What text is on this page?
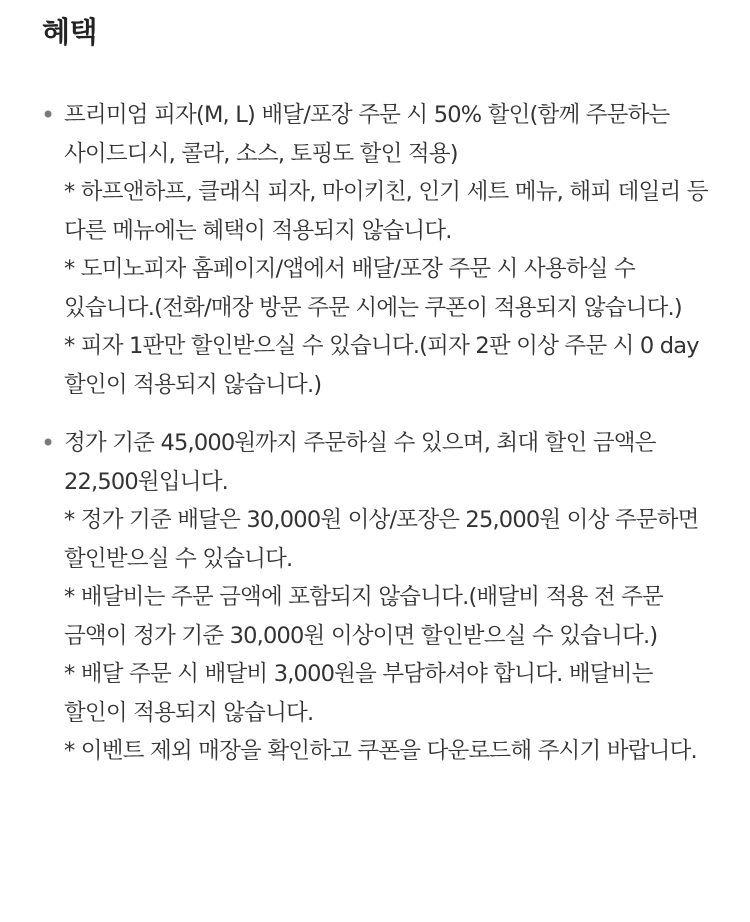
혜택
• 프리미엄 피자(M, L) 배달/포장 주문 시 50% 할인(함께 주문하는 사이드디시, 콜라, 소스, 토핑도 할인 적용)

* 하프앤하프, 클래식 피자, 마이키친, 인기 세트 메뉴, 해피 데일리 등 다른 메뉴에는 혜택이 적용되지 않습니다.

* 도미노피자 홈페이지/앱에서 배달/포장 주문 시 사용하실 수 있습니다.(전화/매장 방문 주문 시에는 쿠폰이 적용되지 않습니다.)

* 피자 1판만 할인받으실 수 있습니다.(피자 2판 이상 주문 시 0 day 할인이 적용되지 않습니다.)

• 정가 기준 45,000원까지 주문하실 수 있으며, 최대 할인 금액은 22,500원입니다.

* 정가 기준 배달은 30,000원 이상/포장은 25,000원 이상 주문하면 할인받으실 수 있습니다.

* 배달비는 주문 금액에 포함되지 않습니다.(배달비 적용 전 주문 금액이 정가 기준 30,000원 이상이면 할인받으실 수 있습니다.)

* 배달 주문 시 배달비 3,000원을 부담하셔야 합니다. 배달비는 할인이 적용되지 않습니다.

* 이벤트 제외 매장을 확인하고 쿠폰을 다운로드해 주시기 바랍니다.
